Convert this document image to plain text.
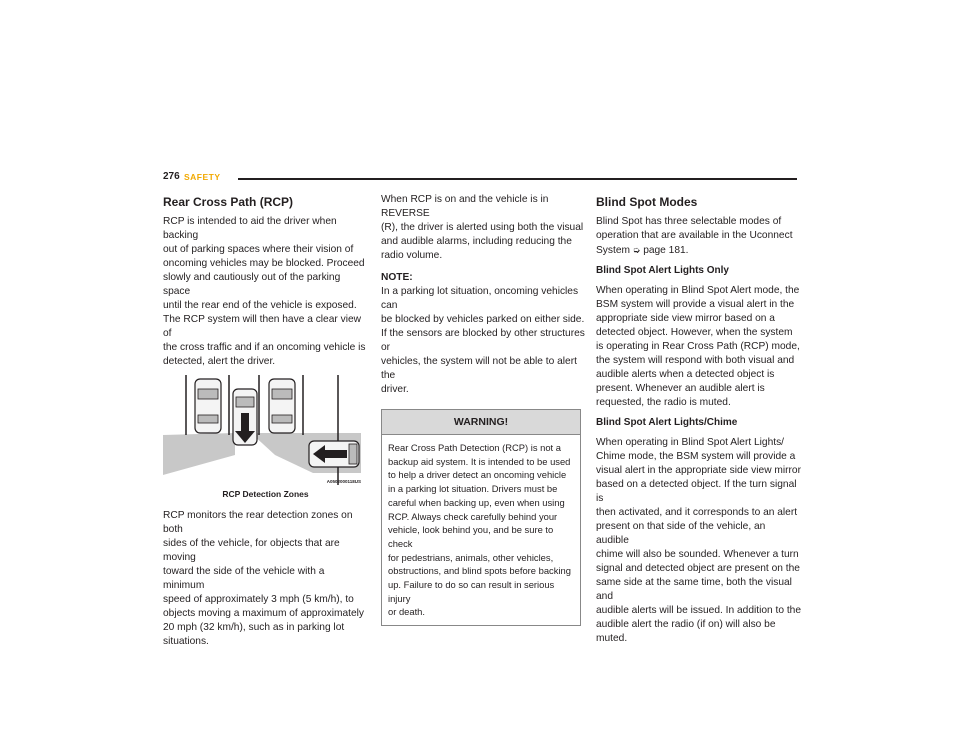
276 SAFETY
Rear Cross Path (RCP)

RCP is intended to aid the driver when backing
out of parking spaces where their vision of
oncoming vehicles may be blocked. Proceed
slowly and cautiously out of the parking space
until the rear end of the vehicle is exposed.
The RCP system will then have a clear view of
the cross traffic and if an oncoming vehicle is
detected, alert the driver.

A0502000118US
RCP Detection Zones

RCP monitors the rear detection zones on both
sides of the vehicle, for objects that are moving
toward the side of the vehicle with a minimum
speed of approximately 3 mph (5 km/h), to
objects moving a maximum of approximately
20 mph (32 km/h), such as in parking lot
situations.

When RCP is on and the vehicle is in REVERSE
(R), the driver is alerted using both the visual
and audible alarms, including reducing the
radio volume.

NOTE:

In a parking lot situation, oncoming vehicles can
be blocked by vehicles parked on either side.
If the sensors are blocked by other structures or
vehicles, the system will not be able to alert the
driver.

WARNING!
Rear Cross Path Detection (RCP) is not a
backup aid system. It is intended to be used
to help a driver detect an oncoming vehicle
in a parking lot situation. Drivers must be
careful when backing up, even when using
RCP. Always check carefully behind your
vehicle, look behind you, and be sure to check
for pedestrians, animals, other vehicles,
obstructions, and blind spots before backing
up. Failure to do so can result in serious injury
or death.
Blind Spot Modes

Blind Spot has three selectable modes of
operation that are available in the Uconnect
System ➭ page 181.

Blind Spot Alert Lights Only

When operating in Blind Spot Alert mode, the
BSM system will provide a visual alert in the
appropriate side view mirror based on a
detected object. However, when the system
is operating in Rear Cross Path (RCP) mode,
the system will respond with both visual and
audible alerts when a detected object is
present. Whenever an audible alert is
requested, the radio is muted.

Blind Spot Alert Lights/Chime

When operating in Blind Spot Alert Lights/
Chime mode, the BSM system will provide a
visual alert in the appropriate side view mirror
based on a detected object. If the turn signal is
then activated, and it corresponds to an alert
present on that side of the vehicle, an audible
chime will also be sounded. Whenever a turn
signal and detected object are present on the
same side at the same time, both the visual and
audible alerts will be issued. In addition to the
audible alert the radio (if on) will also be muted.
